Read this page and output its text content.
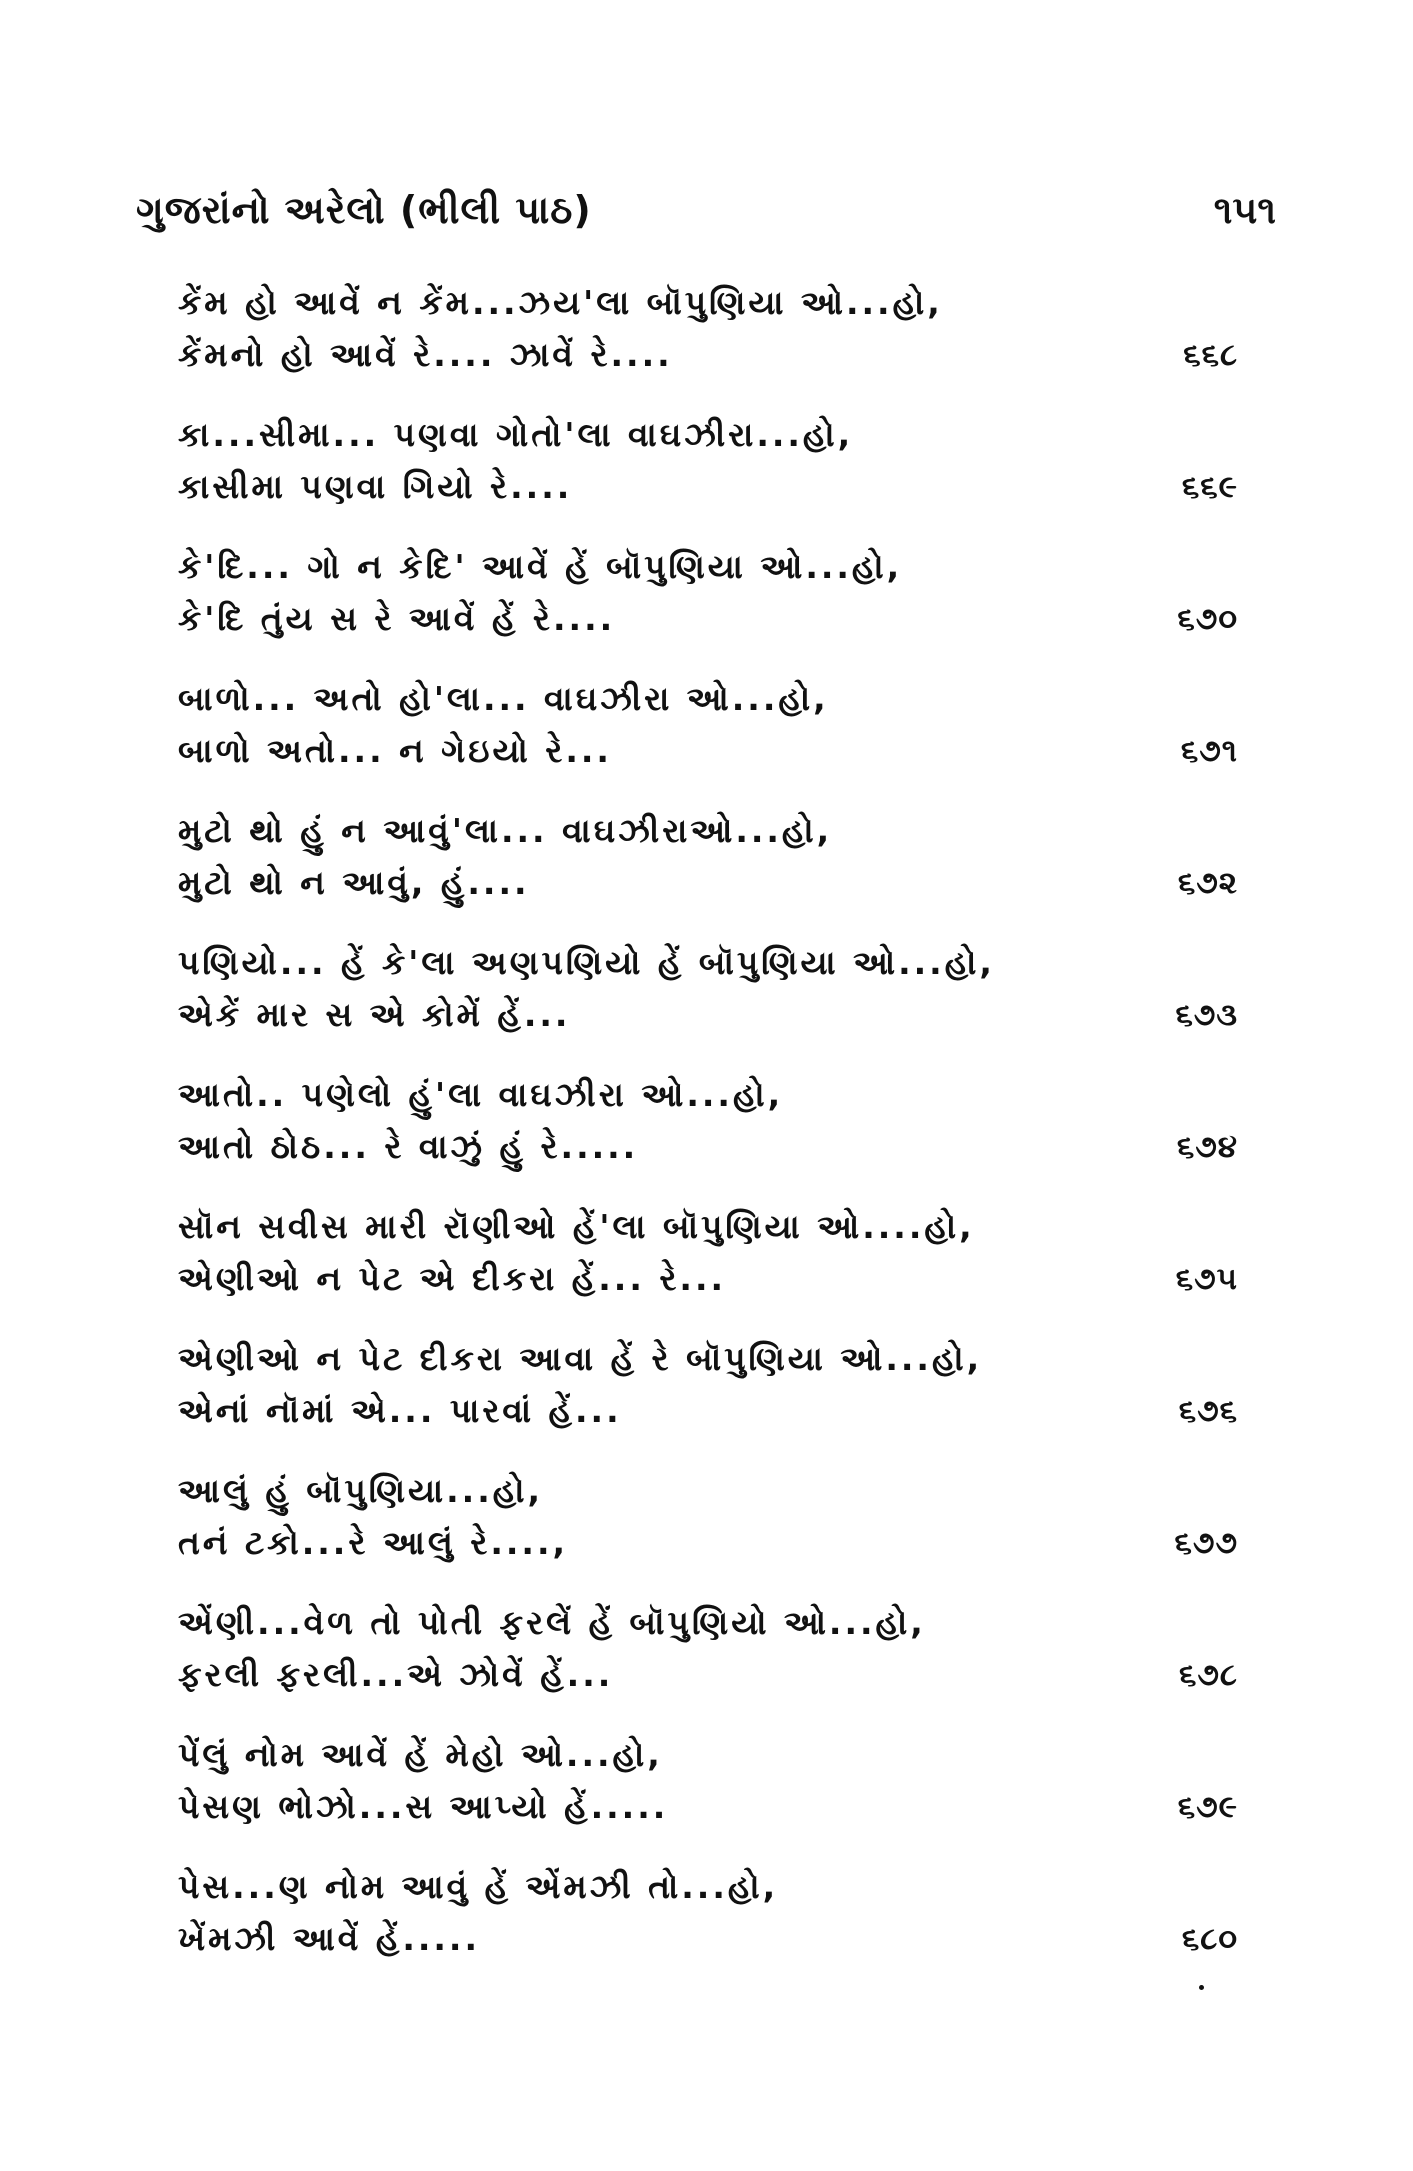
ગુજરાંનો અરેલો (ભીલી પાઠ)	૧૫૧
કેંમ હો આવેં ન કેંમ...ઝય'લા બૉપુણિયા ઓ...હો,
કેંમનો હો આવેં રે.... ઝાવેં રે....	૬૬૮
કા...સીમા... પણવા ગોતો'લા વાઘઝીરા...હો,
કાસીમા પણવા ગિયો રે....	૬૬૯
કે'દિ... ગો ન કેદિ' આવેં હેં બૉપુણિયા ઓ...હો,
કે'દિ તુંય સ રે આવેં હેં રે....	૬૭૦
બાળો... અતો હો'લા... વાઘઝીરા ઓ...હો,
બાળો અતો... ન ગેઇયો રે...	૬૭૧
મુટો થો હું ન આવું'લા... વાઘઝીરાઓ...હો,
મુટો થો ન આવું, હું....	૬૭૨
પણિયો... હેં કે'લા અણપણિયો હેં બૉપુણિયા ઓ...હો,
એકેં માર સ એ કોમેં હેં...	૬૭૩
આતો.. પણેલો હું'લા વાઘઝીરા ઓ...હો,
આતો ઠોઠ... રે વાઝું હું રે.....	૬૭૪
સૉન સવીસ મારી રૉણીઓ હેં'લા બૉપુણિયા ઓ....હો,
એણીઓ ન પેટ એ દીકરા હેં... રે...	૬૭૫
એણીઓ ન પેટ દીકરા આવા હેં રે બૉપુણિયા ઓ...હો,
એનાં નૉમાં એ... પારવાં હેં...	૬૭૬
આલું હું બૉપુણિયા...હો,
તનં ટકો...રે આલું રે....,	૬૭૭
એંણી...વેળ તો પોતી ફરલેં હેં બૉપુણિયો ઓ...હો,
ફરલી ફરલી...એ ઝોવેં હેં...	૬૭૮
પેંલું નોમ આવેં હેં મેહો ઓ...હો,
પેસણ ભોઝો...સ આપ્યો હેં.....	૬૭૯
પેસ...ણ નોમ આવું હેં એંમઝી તો...હો,
ખેંમઝી આવેં હેં.....	૬૮૦
